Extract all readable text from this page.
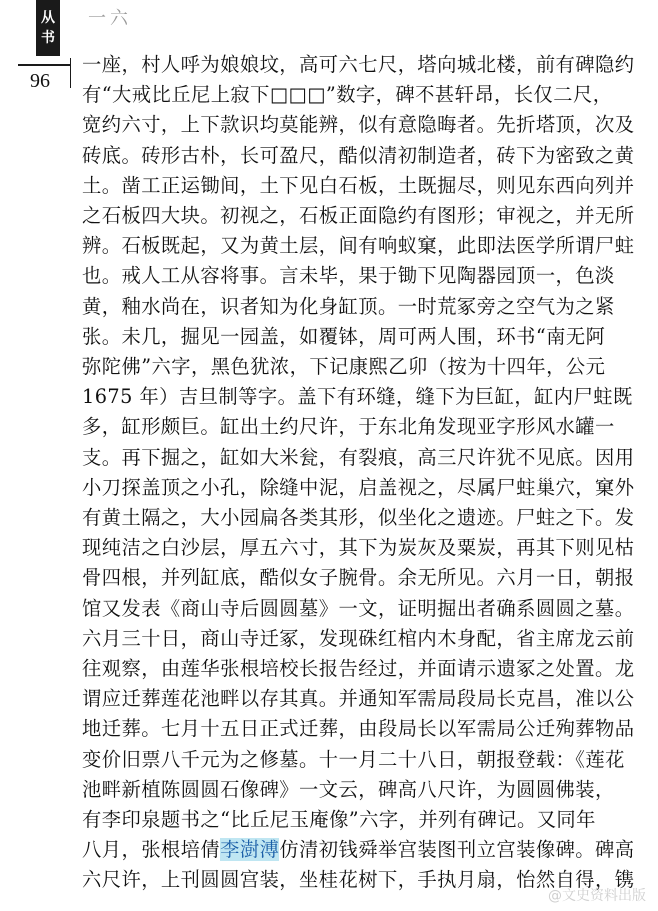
从
书
一六
96
一座，村人呼为娘娘坟，高可六七尺，塔向城北楼，前有碑隐约
有“大戒比丘尼上寂下□□□”数字，碑不甚轩昂，长仅二尺，
宽约六寸，上下款识均莫能辨，似有意隐晦者。先折塔顶，次及
砖底。砖形古朴，长可盈尺，酷似清初制造者，砖下为密致之黄
土。凿工正运锄间，土下见白石板，土既掘尽，则见东西向列并
之石板四大块。初视之，石板正面隐约有图形；审视之，并无所
辨。石板既起，又为黄土层，间有响蚁窠，此即法医学所谓尸蛀
也。戒人工从容将事。言未毕，果于锄下见陶器园顶一，色淡
黄，釉水尚在，识者知为化身缸顶。一时荒冢旁之空气为之紧
张。未几，掘见一园盖，如覆钵，周可两人围，环书“南无阿
弥陀佛”六字，黑色犹浓，下记康熙乙卯（按为十四年，公元
1675 年）吉旦制等字。盖下有环缝，缝下为巨缸，缸内尸蛀既
多，缸形颇巨。缸出土约尺许，于东北角发现亚字形风水罐一
支。再下掘之，缸如大米瓮，有裂痕，高三尺许犹不见底。因用
小刀探盖顶之小孔，除缝中泥，启盖视之，尽属尸蛀巢穴，窠外
有黄土隔之，大小园扁各类其形，似坐化之遗迹。尸蛀之下。发
现纯洁之白沙层，厚五六寸，其下为炭灰及粟炭，再其下则见枯
骨四根，并列缸底，酷似女子腕骨。余无所见。六月一日，朝报
馆又发表《商山寺后圆圆墓》一文，证明掘出者确系圆圆之墓。
六月三十日，商山寺迁冢，发现硃红棺内木身配，省主席龙云前
往观察，由莲华张根培校长报告经过，并面请示遗冢之处置。龙
谓应迁葬莲花池畔以存其真。并通知军需局段局长克昌，准以公
地迁葬。七月十五日正式迁葬，由段局长以军需局公迁殉葬物品
变价旧票八千元为之修墓。十一月二十八日，朝报登载：《莲花
池畔新植陈圆圆石像碑》一文云，碑高八尺许，为圆圆佛装，
有李印泉题书之“比丘尼玉庵像”六字，并列有碑记。又同年
八月，张根培倩李澍溥仿清初钱舜举宫装图刊立宫装像碑。碑高
六尺许，上刊圆圆宫装，坐桂花树下，手执月扇，怡然自得，镌
@文史资料出版
